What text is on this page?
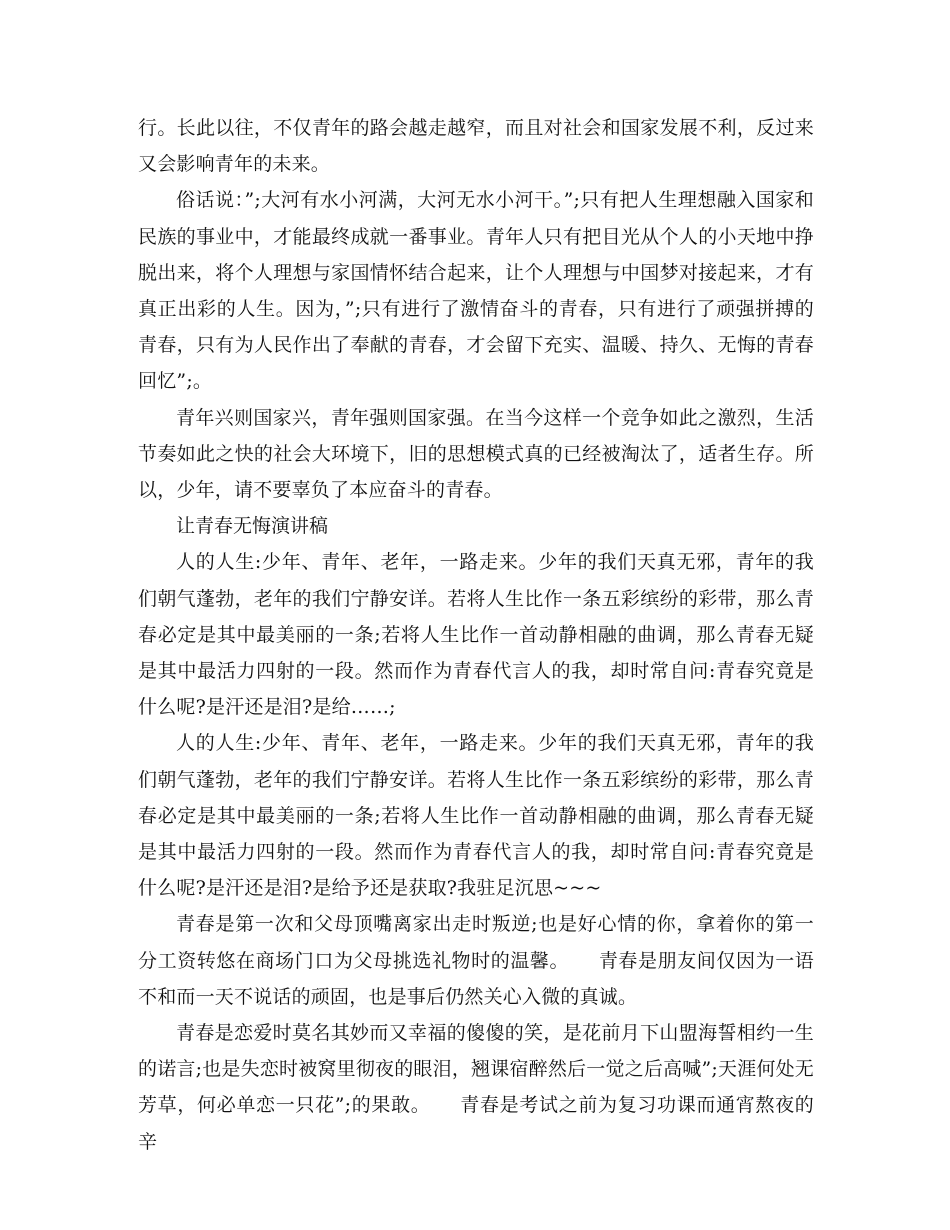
行。长此以往，不仅青年的路会越走越窄，而且对社会和国家发展不利，反过来又会影响青年的未来。

俗话说：”;大河有水小河满，大河无水小河干。”;只有把人生理想融入国家和民族的事业中，才能最终成就一番事业。青年人只有把目光从个人的小天地中挣脱出来，将个人理想与家国情怀结合起来，让个人理想与中国梦对接起来，才有真正出彩的人生。因为，”;只有进行了激情奋斗的青春，只有进行了顽强拼搏的青春，只有为人民作出了奉献的青春，才会留下充实、温暖、持久、无悔的青春回忆”;。

青年兴则国家兴，青年强则国家强。在当今这样一个竞争如此之激烈，生活节奏如此之快的社会大环境下，旧的思想模式真的已经被淘汰了，适者生存。所以，少年，请不要辜负了本应奋斗的青春。

让青春无悔演讲稿

人的人生:少年、青年、老年，一路走来。少年的我们天真无邪，青年的我们朝气蓬勃，老年的我们宁静安详。若将人生比作一条五彩缤纷的彩带，那么青春必定是其中最美丽的一条;若将人生比作一首动静相融的曲调，那么青春无疑是其中最活力四射的一段。然而作为青春代言人的我，却时常自问:青春究竟是什么呢?是汗还是泪?是给……;

人的人生:少年、青年、老年，一路走来。少年的我们天真无邪，青年的我们朝气蓬勃，老年的我们宁静安详。若将人生比作一条五彩缤纷的彩带，那么青春必定是其中最美丽的一条;若将人生比作一首动静相融的曲调，那么青春无疑是其中最活力四射的一段。然而作为青春代言人的我，却时常自问:青春究竟是什么呢?是汗还是泪?是给予还是获取?我驻足沉思~~~

青春是第一次和父母顶嘴离家出走时叛逆;也是好心情的你，拿着你的第一分工资转悠在商场门口为父母挑选礼物时的温馨。　　青春是朋友间仅因为一语不和而一天不说话的顽固，也是事后仍然关心入微的真诚。

青春是恋爱时莫名其妙而又幸福的傻傻的笑，是花前月下山盟海誓相约一生的诺言;也是失恋时被窝里彻夜的眼泪，翘课宿醉然后一觉之后高喊”;天涯何处无芳草，何必单恋一只花”;的果敢。　　青春是考试之前为复习功课而通宵熬夜的辛
